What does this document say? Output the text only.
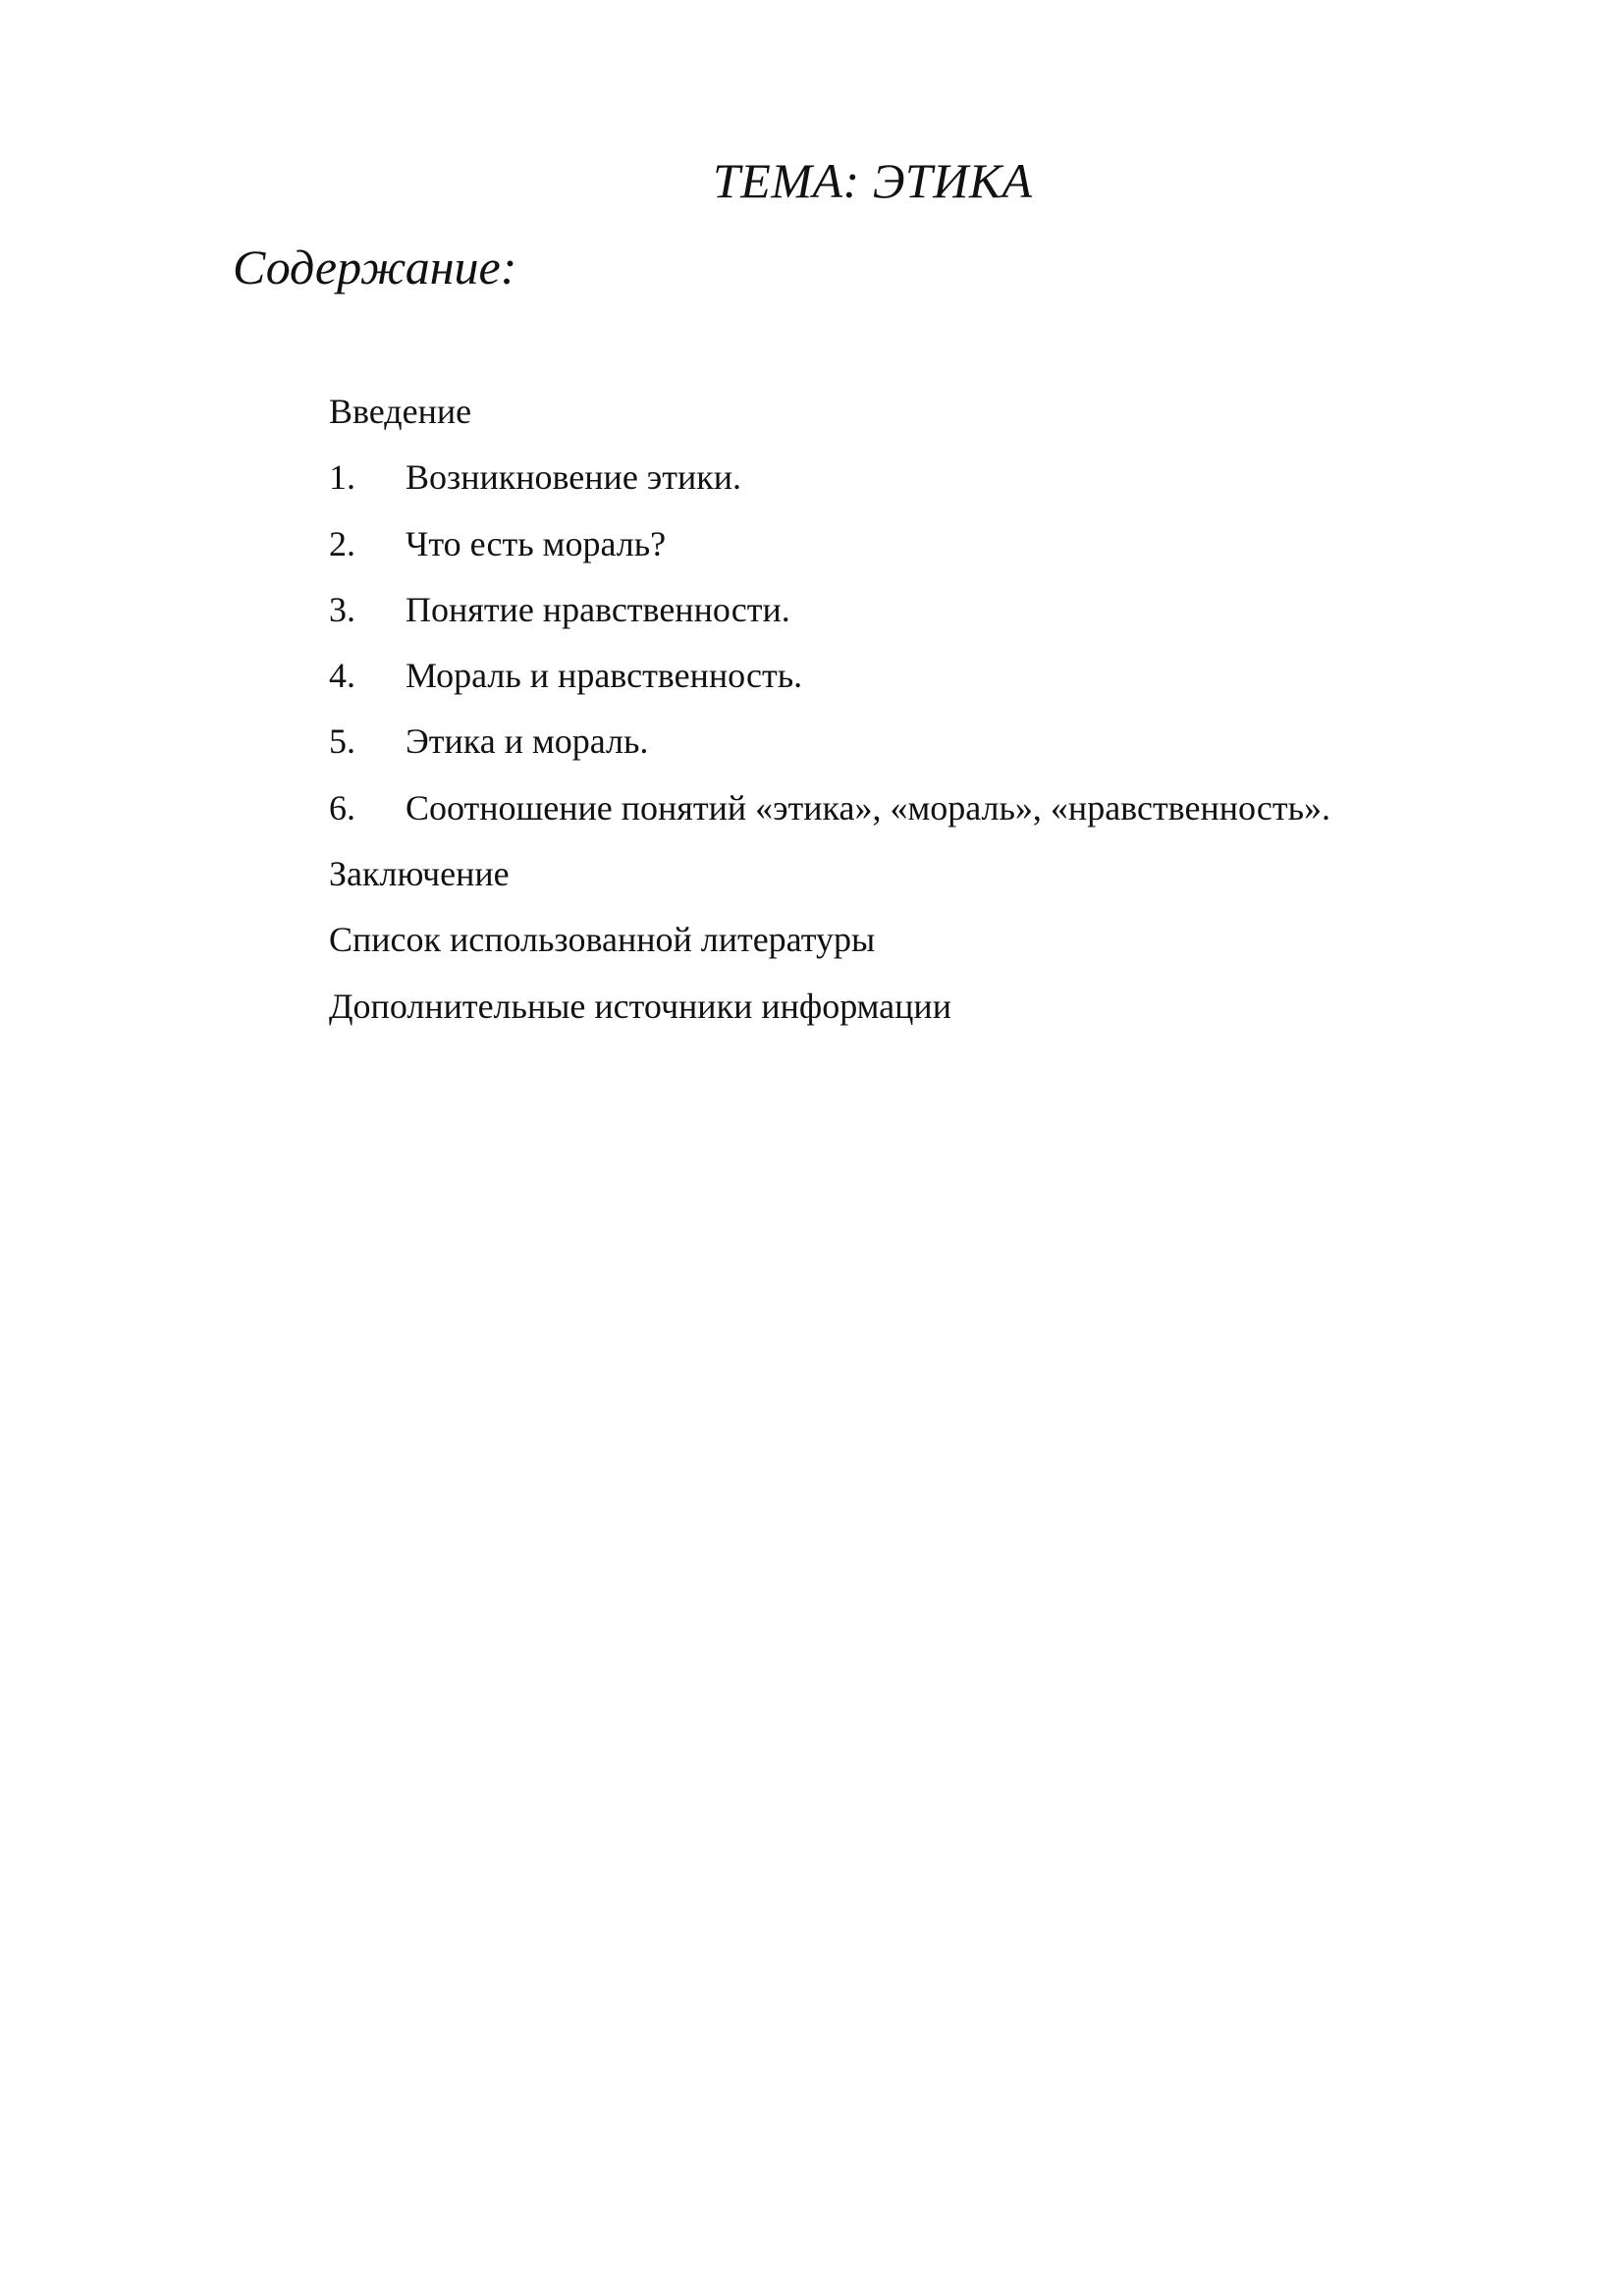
ТЕМА: ЭТИКА
Содержание:
Введение
1.	Возникновение этики.
2.	Что есть мораль?
3.	Понятие нравственности.
4.	Мораль и нравственность.
5.	Этика и мораль.
6.	Соотношение понятий «этика», «мораль», «нравственность».
Заключение
Список использованной литературы
Дополнительные источники информации
